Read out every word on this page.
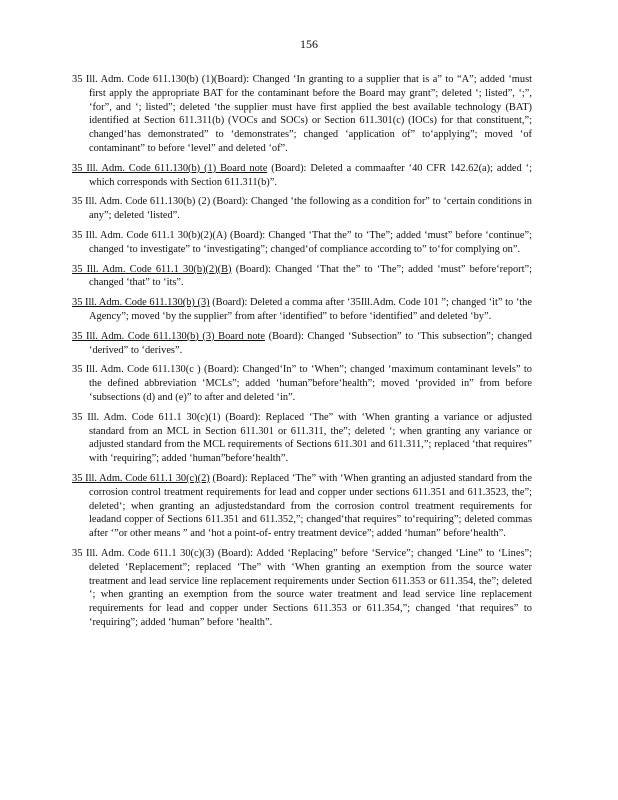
156

35 Ill. Adm. Code 611.130(b) (1)(Board): Changed ‘In granting to a supplier that is a” to “A”; added ‘must first apply the appropriate BAT for the contaminant before the Board may grant”; deleted ‘; listed”, ‘;”, ‘for”, and ‘; listed”; deleted ‘the supplier must have first applied the best available technology (BAT) identified at Section 611.311(b) (VOCs and SOCs) or Section 611.301(c) (IOCs) for that constituent,”; changed‘has demonstrated” to ‘demonstrates”; changed ‘application of” to‘applying”; moved ‘of contaminant” to before ‘level” and deleted ‘of”.

35 Ill. Adm. Code 611.130(b) (1) Board note (Board): Deleted a commaafter ‘40 CFR 142.62(a); added ‘; which corresponds with Section 611.311(b)”.

35 Ill. Adm. Code 611.130(b) (2) (Board): Changed ‘the following as a condition for” to ‘certain conditions in any”; deleted ‘listed”.

35 Ill. Adm. Code 611.1 30(b)(2)(A) (Board): Changed ‘That the” to ‘The”; added ‘must” before ‘continue”; changed ‘to investigate” to ‘investigating”; changed‘of compliance according to” to‘for complying on”.

35 Ill. Adm. Code 611.1 30(b)(2)(B) (Board): Changed ‘That the” to ‘The”; added ‘must” before‘report”; changed ‘that” to ‘its”.

35 Ill. Adm. Code 611.130(b) (3) (Board): Deleted a comma after ‘35Ill.Adm. Code 101 ”; changed ‘it” to ‘the Agency”; moved ‘by the supplier” from after ‘identified” to before ‘identified” and deleted ‘by”.

35 Ill. Adm. Code 611.130(b) (3) Board note (Board): Changed ‘Subsection” to ‘This subsection”; changed ‘derived” to ‘derives”.

35 Ill. Adm. Code 611.130(c ) (Board): Changed‘In” to ‘When”; changed ‘maximum contaminant levels” to the defined abbreviation ‘MCLs”; added ‘human”before‘health”; moved ‘provided in” from before ‘subsections (d) and (e)” to after and deleted ‘in”.

35 Ill. Adm. Code 611.1 30(c)(1) (Board): Replaced ‘The” with ‘When granting a variance or adjusted standard from an MCL in Section 611.301 or 611.311, the”; deleted ‘; when granting any variance or adjusted standard from the MCL requirements of Sections 611.301 and 611.311,”; replaced ‘that requires” with ‘requiring”; added ‘human”before‘health”.

35 Ill. Adm. Code 611.1 30(c)(2) (Board): Replaced ‘The” with ‘When granting an adjusted standard from the corrosion control treatment requirements for lead and copper under sections 611.351 and 611.3523, the”; deleted‘; when granting an adjustedstandard from the corrosion control treatment requirements for leadand copper of Sections 611.351 and 611.352,”; changed‘that requires” to‘requiring”; deleted commas after ‘”or other means ” and ‘hot a point-of- entry treatment device”; added ‘human” before‘health”.

35 Ill. Adm. Code 611.1 30(c)(3) (Board): Added ‘Replacing” before ‘Service”; changed ‘Line” to ‘Lines”; deleted ‘Replacement”; replaced ‘The” with ‘When granting an exemption from the source water treatment and lead service line replacement requirements under Section 611.353 or 611.354, the”; deleted ‘; when granting an exemption from the source water treatment and lead service line replacement requirements for lead and copper under Sections 611.353 or 611.354,”; changed ‘that requires” to ‘requiring”; added ‘human” before ‘health”.
